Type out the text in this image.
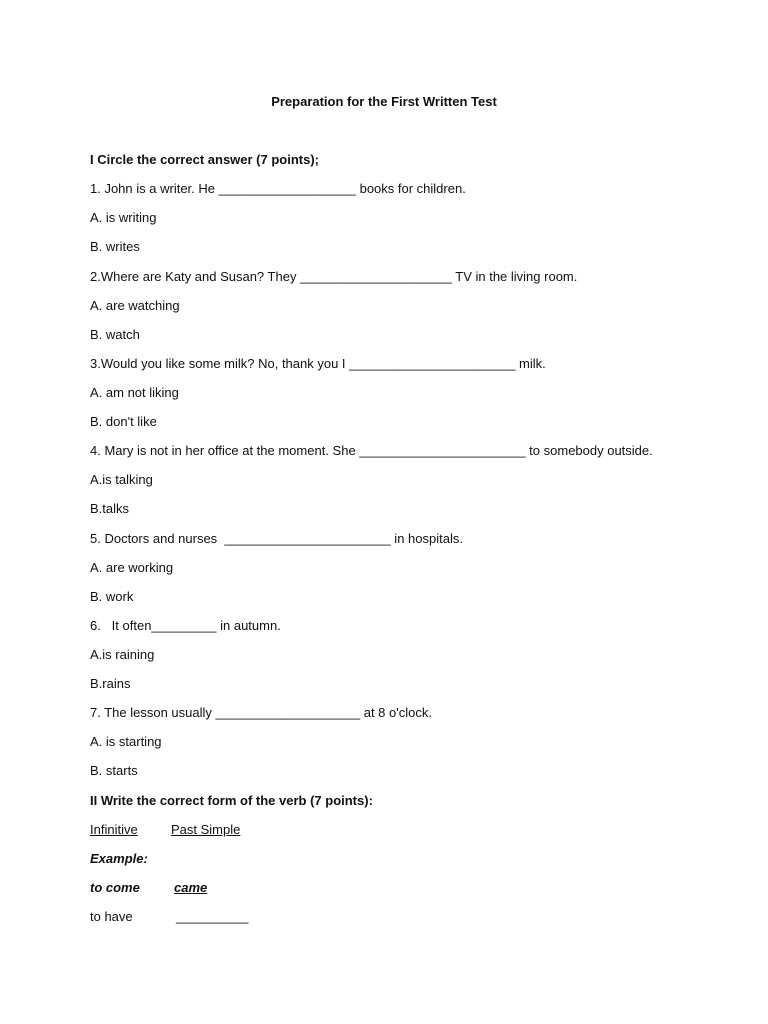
Preparation for the First Written Test
I Circle the correct answer (7 points);
1. John is a writer. He ___________________ books for children.
A. is writing
B. writes
2.Where are Katy and Susan? They _____________________ TV in the living room.
A. are watching
B. watch
3.Would you like some milk? No, thank you I _______________________ milk.
A. am not liking
B. don't like
4. Mary is not in her office at the moment. She _______________________ to somebody outside.
A.is talking
B.talks
5. Doctors and nurses  _______________________ in hospitals.
A. are working
B. work
6.   It often_________ in autumn.
A.is raining
B.rains
7. The lesson usually ____________________ at 8 o'clock.
A. is starting
B. starts
II Write the correct form of the verb (7 points):
Infinitive	Past Simple
Example:
to come	came
to have	__________
